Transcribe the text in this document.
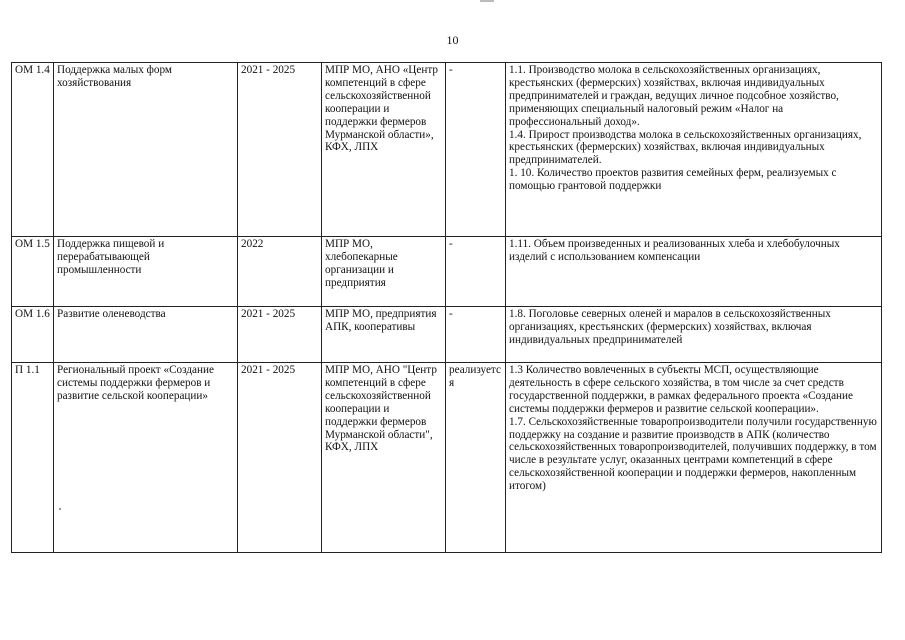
10
ОМ 1.4	Поддержка малых форм хозяйствования	2021 - 2025	МПР МО, АНО «Центр компетенций в сфере сельскохозяйственной кооперации и поддержки фермеров Мурманской области», КФХ, ЛПХ	-	1.1. Производство молока в сельскохозяйственных организациях, крестьянских (фермерских) хозяйствах, включая индивидуальных предпринимателей и граждан, ведущих личное подсобное хозяйство, применяющих специальный налоговый режим «Налог на профессиональный доход».
1.4. Прирост производства молока в сельскохозяйственных организациях, крестьянских (фермерских) хозяйствах, включая индивидуальных предпринимателей.
1. 10. Количество проектов развития семейных ферм, реализуемых с помощью грантовой поддержки
ОМ 1.5	Поддержка пищевой и перерабатывающей промышленности	2022	МПР МО, хлебопекарные организации и предприятия	-	1.11. Объем произведенных и реализованных хлеба и хлебобулочных изделий с использованием компенсации
ОМ 1.6	Развитие оленеводства	2021 - 2025	МПР МО, предприятия АПК, кооперативы	-	1.8. Поголовье северных оленей и маралов в сельскохозяйственных организациях, крестьянских (фермерских) хозяйствах, включая индивидуальных предпринимателей
П 1.1	Региональный проект «Создание системы поддержки фермеров и развитие сельской кооперации»	2021 - 2025	МПР МО, АНО "Центр компетенций в сфере сельскохозяйственной кооперации и поддержки фермеров Мурманской области", КФХ, ЛПХ	реализуется	1.3 Количество вовлеченных в субъекты МСП, осуществляющие деятельность в сфере сельского хозяйства, в том числе за счет средств государственной поддержки, в рамках федерального проекта «Создание системы поддержки фермеров и развитие сельской кооперации».
1.7. Сельскохозяйственные товаропроизводители получили государственную поддержку на создание и развитие производств в АПК (количество сельскохозяйственных товаропроизводителей, получивших поддержку, в том числе в результате услуг, оказанных центрами компетенций в сфере сельскохозяйственной кооперации и поддержки фермеров, накопленным итогом)
